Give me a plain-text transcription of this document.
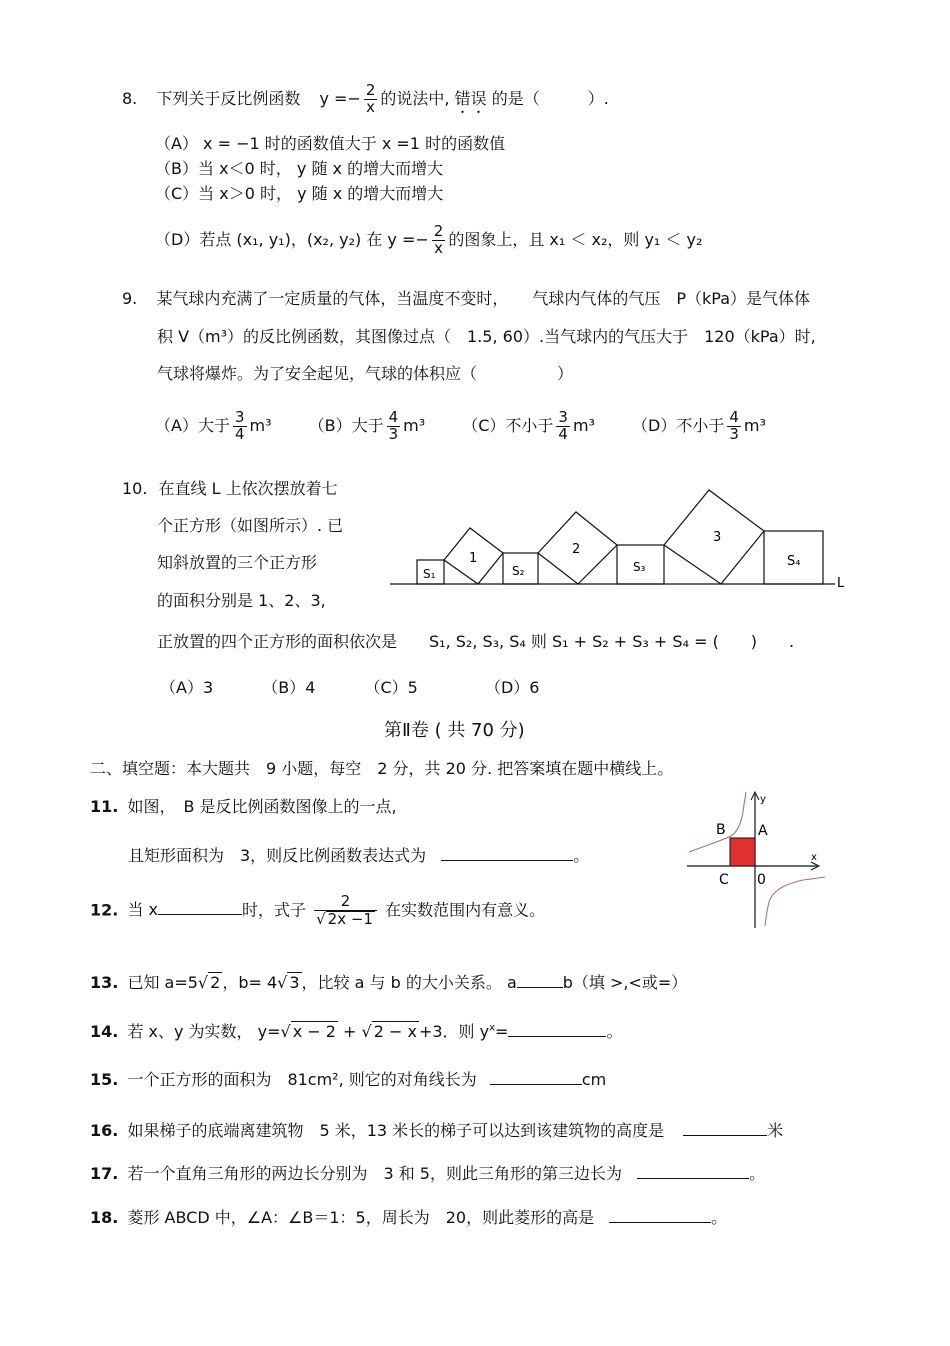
8. 下列关于反比例函数 $y =- \frac{2}{x}$ 的说法中, 错误 的是（　　　）.
（A） x = −1 时的函数值大于 x =1 时的函数值
（B）当 x＜0 时， y 随 x 的增大而增大
（C）当 x＞0 时， y 随 x 的增大而增大
（D）若点 (x₁, y₁)，(x₂, y₂) 在 $y =- \frac{2}{x}$ 的图象上，且 x₁ ＜ x₂，则 y₁ ＜ y₂
9. 某气球内充满了一定质量的气体，当温度不变时，　　气球内气体的气压　P（kPa）是气体体
积 V（m³）的反比例函数，其图像过点（　1.5, 60）.当气球内的气压大于　120（kPa）时,
气球将爆炸。为了安全起见，气球的体积应（　　　　　）
（A）大于 $\frac{3}{4} m^3$ （B）大于 $\frac{4}{3} m^3$ （C）不小于 $\frac{3}{4} m^3$ （D）不小于 $\frac{4}{3} m^3$
10. 在直线 L 上依次摆放着七
个正方形（如图所示）. 已
知斜放置的三个正方形
的面积分别是 1、2、3,
正放置的四个正方形的面积依次是　　S₁, S₂, S₃, S₄ 则 S₁ + S₂ + S₃ + S₄ = (　　)　　.
（A）3	（B）4	（C）5	（D）6
L
S₁
1
S₂
2
S₃
3
S₄
第Ⅱ卷 ( 共 70 分)
二、填空题：本大题共　9 小题，每空　2 分，共 20 分. 把答案填在题中横线上。
11. 如图，　B 是反比例函数图像上的一点,
且矩形面积为　3，则反比例函数表达式为	。	x
y
B A
C 0
12. 当 x	时，式子 $\frac{2}{√ 2x -1}$ 在实数范围内有意义。
13. 已知 a=5√ 2 ，b= 4√ 3 ，比较 a 与 b 的大小关系。 a	b（填 >,<或=）
14. 若 x、y 为实数， y=√ x − 2 + √ 2 − x +3．则 $y^x=$	。
15. 一个正方形的面积为　81cm², 则它的对角线长为	cm
16. 如果梯子的底端离建筑物　5 米，13 米长的梯子可以达到该建筑物的高度是	米
17. 若一个直角三角形的两边长分别为　3 和 5，则此三角形的第三边长为	。
18. 菱形 ABCD 中，∠A：∠B＝1：5，周长为　20，则此菱形的高是	。
